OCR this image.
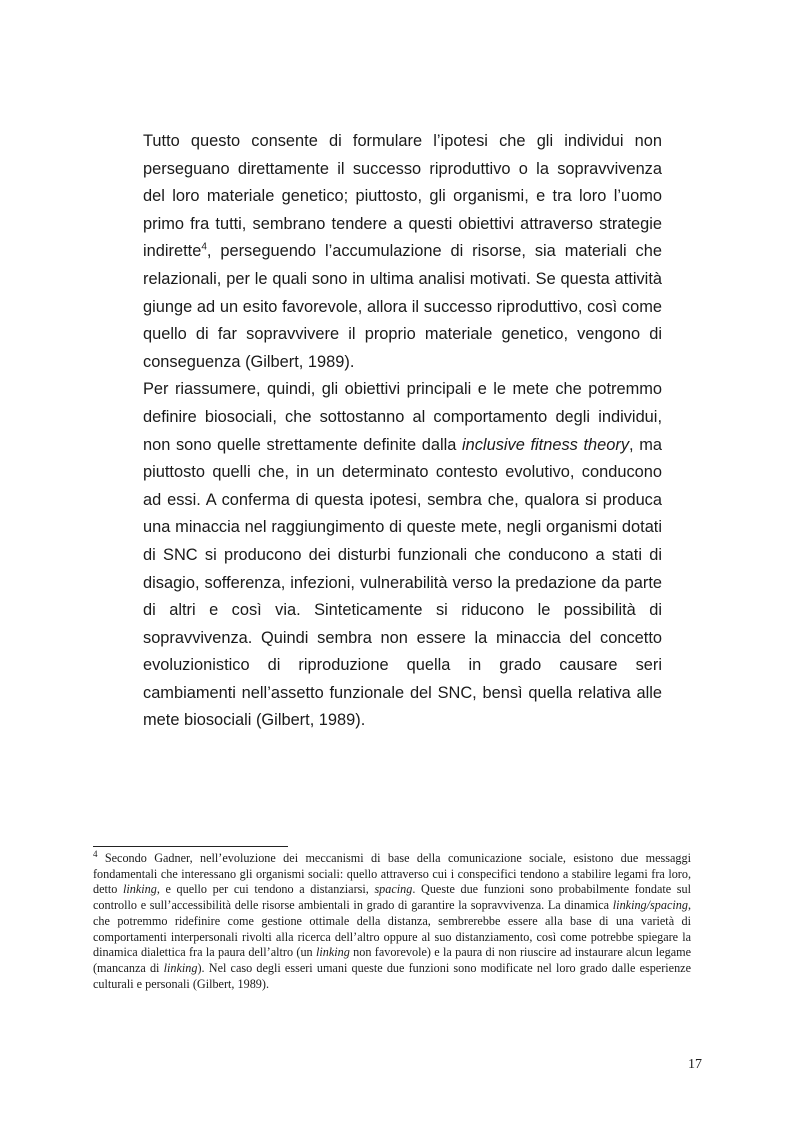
Tutto questo consente di formulare l’ipotesi che gli individui non perseguano direttamente il successo riproduttivo o la sopravvivenza del loro materiale genetico; piuttosto, gli organismi, e tra loro l’uomo primo fra tutti, sembrano tendere a questi obiettivi attraverso strategie indirette$^4$, perseguendo l’accumulazione di risorse, sia materiali che relazionali, per le quali sono in ultima analisi motivati. Se questa attività giunge ad un esito favorevole, allora il successo riproduttivo, così come quello di far sopravvivere il proprio materiale genetico, vengono di conseguenza (Gilbert, 1989).

Per riassumere, quindi, gli obiettivi principali e le mete che potremmo definire biosociali, che sottostanno al comportamento degli individui, non sono quelle strettamente definite dalla inclusive fitness theory, ma piuttosto quelli che, in un determinato contesto evolutivo, conducono ad essi. A conferma di questa ipotesi, sembra che, qualora si produca una minaccia nel raggiungimento di queste mete, negli organismi dotati di SNC si producono dei disturbi funzionali che conducono a stati di disagio, sofferenza, infezioni, vulnerabilità verso la predazione da parte di altri e così via. Sinteticamente si riducono le possibilità di sopravvivenza. Quindi sembra non essere la minaccia del concetto evoluzionistico di riproduzione quella in grado causare seri cambiamenti nell’assetto funzionale del SNC, bensì quella relativa alle mete biosociali (Gilbert, 1989).

$^4$ Secondo Gadner, nell’evoluzione dei meccanismi di base della comunicazione sociale, esistono due messaggi fondamentali che interessano gli organismi sociali: quello attraverso cui i conspecifici tendono a stabilire legami fra loro, detto linking, e quello per cui tendono a distanziarsi, spacing. Queste due funzioni sono probabilmente fondate sul controllo e sull’accessibilità delle risorse ambientali in grado di garantire la sopravvivenza. La dinamica linking/spacing, che potremmo ridefinire come gestione ottimale della distanza, sembrerebbe essere alla base di una varietà di comportamenti interpersonali rivolti alla ricerca dell’altro oppure al suo distanziamento, così come potrebbe spiegare la dinamica dialettica fra la paura dell’altro (un linking non favorevole) e la paura di non riuscire ad instaurare alcun legame (mancanza di linking). Nel caso degli esseri umani queste due funzioni sono modificate nel loro grado dalle esperienze culturali e personali (Gilbert, 1989).

17
